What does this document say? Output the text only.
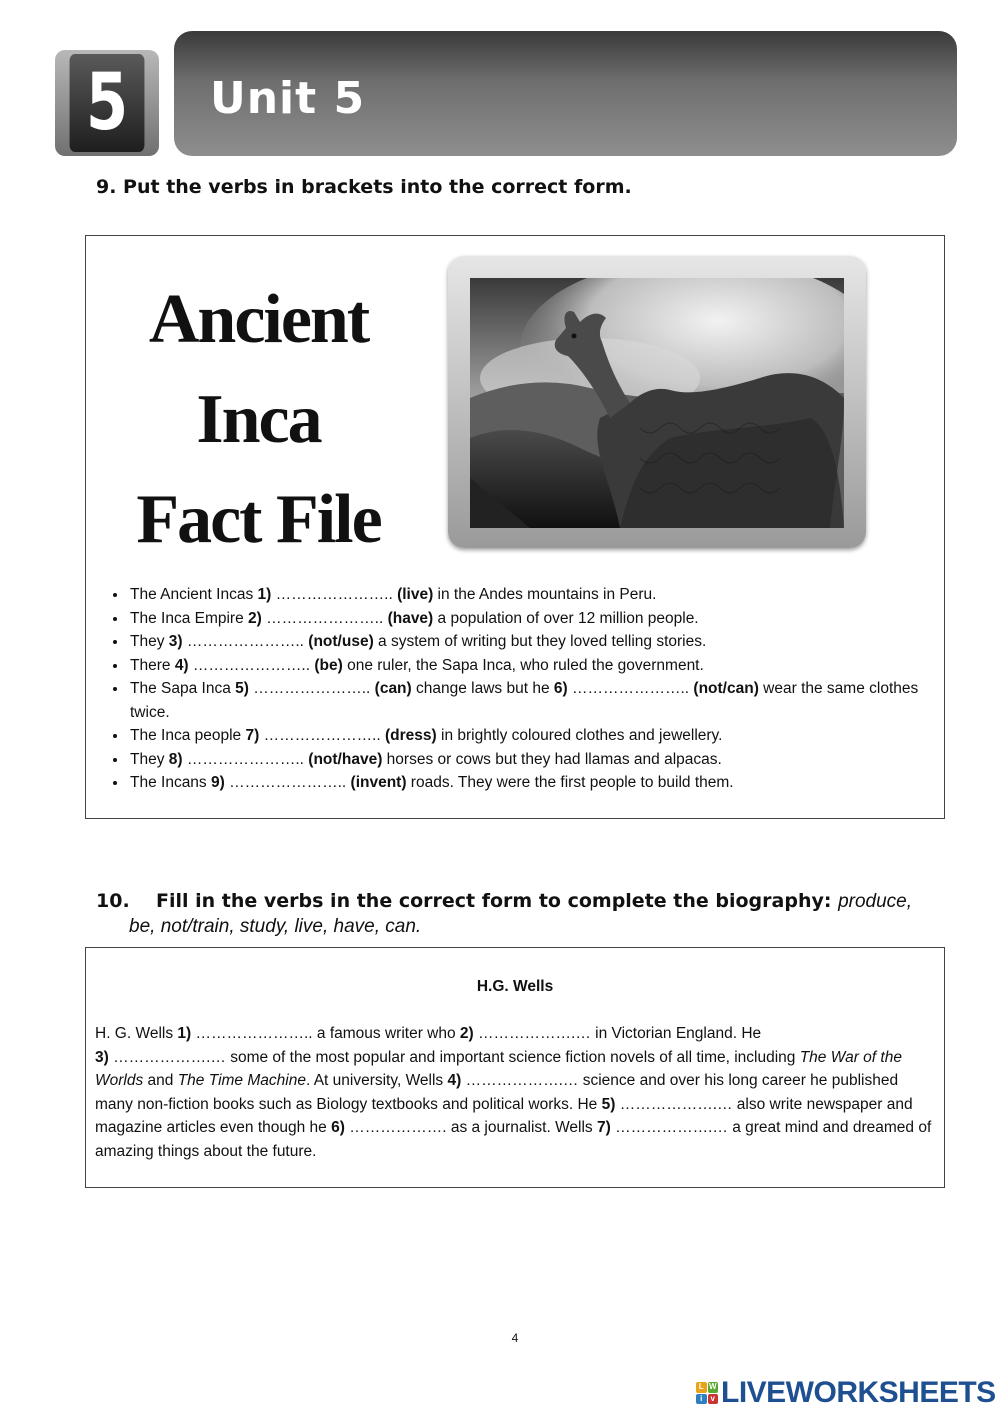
5	Unit 5
9. Put the verbs in brackets into the correct form.
Ancient
Inca
Fact File
• The Ancient Incas 1) ………………….. (live) in the Andes mountains in Peru.
• The Inca Empire 2) ………………….. (have) a population of over 12 million people.
• They 3) ………………….. (not/use) a system of writing but they loved telling stories.
• There 4) ………………….. (be) one ruler, the Sapa Inca, who ruled the government.
• The Sapa Inca 5) ………………….. (can) change laws but he 6) ………………….. (not/can) wear the same clothes twice.
• The Inca people 7) ………………….. (dress) in brightly coloured clothes and jewellery.
• They 8) ………………….. (not/have) horses or cows but they had llamas and alpacas.
• The Incans 9) ………………….. (invent) roads. They were the first people to build them.
10. Fill in the verbs in the correct form to complete the biography: produce,
be, not/train, study, live, have, can.
H.G. Wells
H. G. Wells 1) ………………….. a famous writer who 2) ……………….… in Victorian England. He
3) ……………….… some of the most popular and important science fiction novels of all time, including The War of the Worlds and The Time Machine. At university, Wells 4) ……………….… science and over his long career he published many non-fiction books such as Biology textbooks and political works. He 5) ……………….… also write newspaper and magazine articles even though he 6) ………………. as a journalist. Wells 7) ……………….… a great mind and dreamed of amazing things about the future.
4
L W
i	v LIVEWORKSHEETS
